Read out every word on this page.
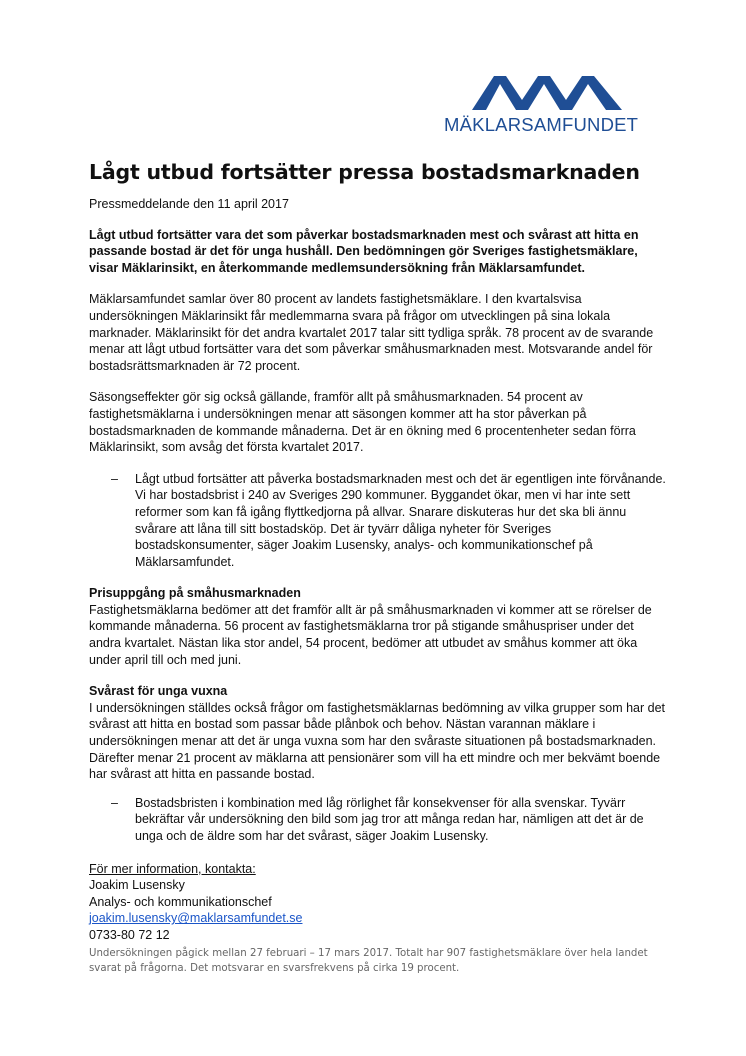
MÄKLARSAMFUNDET
Lågt utbud fortsätter pressa bostadsmarknaden

Pressmeddelande den 11 april 2017

Lågt utbud fortsätter vara det som påverkar bostadsmarknaden mest och svårast att hitta en passande bostad är det för unga hushåll. Den bedömningen gör Sveriges fastighetsmäklare, visar Mäklarinsikt, en återkommande medlemsundersökning från Mäklarsamfundet.

Mäklarsamfundet samlar över 80 procent av landets fastighetsmäklare. I den kvartalsvisa undersökningen Mäklarinsikt får medlemmarna svara på frågor om utvecklingen på sina lokala marknader. Mäklarinsikt för det andra kvartalet 2017 talar sitt tydliga språk. 78 procent av de svarande menar att lågt utbud fortsätter vara det som påverkar småhusmarknaden mest. Motsvarande andel för bostadsrättsmarknaden är 72 procent.

Säsongseffekter gör sig också gällande, framför allt på småhusmarknaden. 54 procent av fastighetsmäklarna i undersökningen menar att säsongen kommer att ha stor påverkan på bostadsmarknaden de kommande månaderna. Det är en ökning med 6 procentenheter sedan förra Mäklarinsikt, som avsåg det första kvartalet 2017.

– Lågt utbud fortsätter att påverka bostadsmarknaden mest och det är egentligen inte förvånande. Vi har bostadsbrist i 240 av Sveriges 290 kommuner. Byggandet ökar, men vi har inte sett reformer som kan få igång flyttkedjorna på allvar. Snarare diskuteras hur det ska bli ännu svårare att låna till sitt bostadsköp. Det är tyvärr dåliga nyheter för Sveriges bostadskonsumenter, säger Joakim Lusensky, analys- och kommunikationschef på Mäklarsamfundet.
Prisuppgång på småhusmarknaden

Fastighetsmäklarna bedömer att det framför allt är på småhusmarknaden vi kommer att se rörelser de kommande månaderna. 56 procent av fastighetsmäklarna tror på stigande småhuspriser under det andra kvartalet. Nästan lika stor andel, 54 procent, bedömer att utbudet av småhus kommer att öka under april till och med juni.

Svårast för unga vuxna

I undersökningen ställdes också frågor om fastighetsmäklarnas bedömning av vilka grupper som har det svårast att hitta en bostad som passar både plånbok och behov. Nästan varannan mäklare i undersökningen menar att det är unga vuxna som har den svåraste situationen på bostadsmarknaden. Därefter menar 21 procent av mäklarna att pensionärer som vill ha ett mindre och mer bekvämt boende har svårast att hitta en passande bostad.

– Bostadsbristen i kombination med låg rörlighet får konsekvenser för alla svenskar. Tyvärr bekräftar vår undersökning den bild som jag tror att många redan har, nämligen att det är de unga och de äldre som har det svårast, säger Joakim Lusensky.

För mer information, kontakta:

Joakim Lusensky

Analys- och kommunikationschef

joakim.lusensky@maklarsamfundet.se

0733-80 72 12

Undersökningen pågick mellan 27 februari – 17 mars 2017. Totalt har 907 fastighetsmäklare över hela landet svarat på frågorna. Det motsvarar en svarsfrekvens på cirka 19 procent.
